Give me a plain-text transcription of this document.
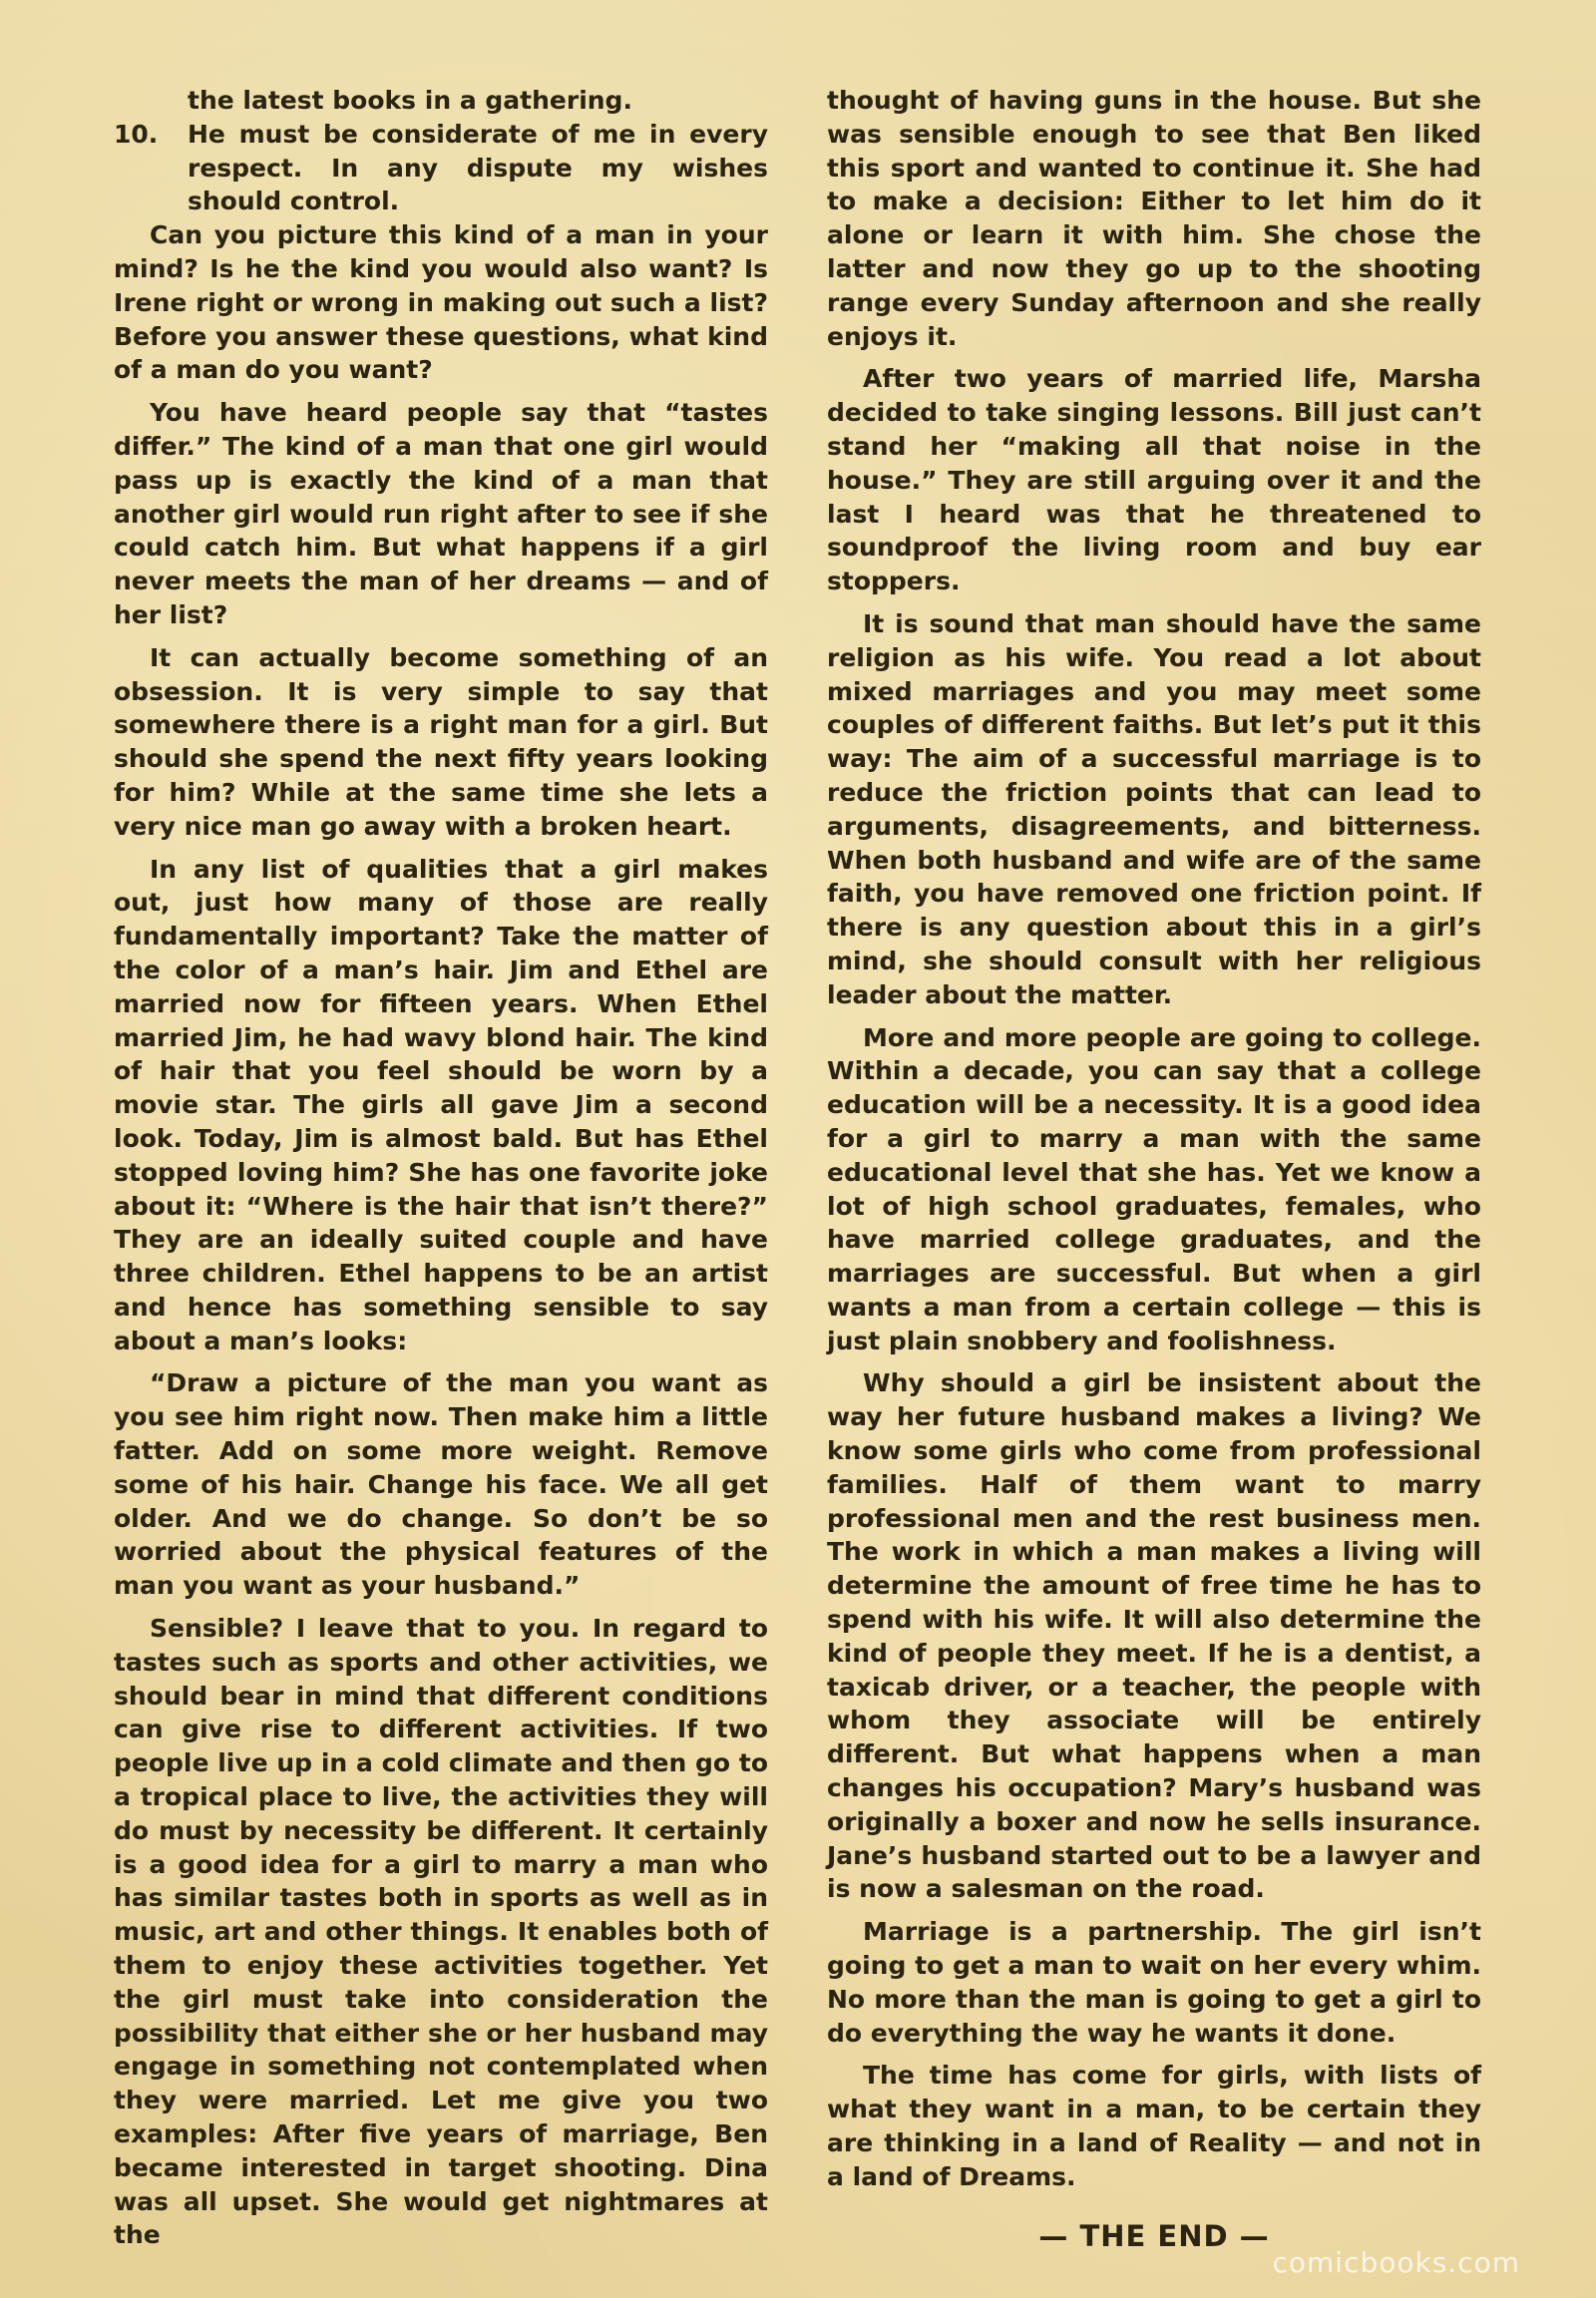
the latest books in a gathering.
10.	He must be considerate of me in every respect. In any dispute my wishes should control.

Can you picture this kind of a man in your mind? Is he the kind you would also want? Is Irene right or wrong in making out such a list? Before you answer these questions, what kind of a man do you want?

You have heard people say that “tastes differ.” The kind of a man that one girl would pass up is exactly the kind of a man that another girl would run right after to see if she could catch him. But what happens if a girl never meets the man of her dreams — and of her list?

It can actually become something of an obsession. It is very simple to say that somewhere there is a right man for a girl. But should she spend the next fifty years looking for him? While at the same time she lets a very nice man go away with a broken heart.

In any list of qualities that a girl makes out, just how many of those are really fundamentally important? Take the matter of the color of a man’s hair. Jim and Ethel are married now for fifteen years. When Ethel married Jim, he had wavy blond hair. The kind of hair that you feel should be worn by a movie star. The girls all gave Jim a second look. Today, Jim is almost bald. But has Ethel stopped loving him? She has one favorite joke about it: “Where is the hair that isn’t there?” They are an ideally suited couple and have three children. Ethel happens to be an artist and hence has something sensible to say about a man’s looks:

“Draw a picture of the man you want as you see him right now. Then make him a little fatter. Add on some more weight. Remove some of his hair. Change his face. We all get older. And we do change. So don’t be so worried about the physical features of the man you want as your husband.”

Sensible? I leave that to you. In regard to tastes such as sports and other activities, we should bear in mind that different conditions can give rise to different activities. If two people live up in a cold climate and then go to a tropical place to live, the activities they will do must by necessity be different. It certainly is a good idea for a girl to marry a man who has similar tastes both in sports as well as in music, art and other things. It enables both of them to enjoy these activities together. Yet the girl must take into consideration the possibility that either she or her husband may engage in something not contemplated when they were married. Let me give you two examples: After five years of marriage, Ben became interested in target shooting. Dina was all upset. She would get nightmares at the

thought of having guns in the house. But she was sensible enough to see that Ben liked this sport and wanted to continue it. She had to make a decision: Either to let him do it alone or learn it with him. She chose the latter and now they go up to the shooting range every Sunday afternoon and she really enjoys it.

After two years of married life, Marsha decided to take singing lessons. Bill just can’t stand her “making all that noise in the house.” They are still arguing over it and the last I heard was that he threatened to soundproof the living room and buy ear stoppers.

It is sound that man should have the same religion as his wife. You read a lot about mixed marriages and you may meet some couples of different faiths. But let’s put it this way: The aim of a successful marriage is to reduce the friction points that can lead to arguments, disagreements, and bitterness. When both husband and wife are of the same faith, you have removed one friction point. If there is any question about this in a girl’s mind, she should consult with her religious leader about the matter.

More and more people are going to college. Within a decade, you can say that a college education will be a necessity. It is a good idea for a girl to marry a man with the same educational level that she has. Yet we know a lot of high school graduates, females, who have married college graduates, and the marriages are successful. But when a girl wants a man from a certain college — this is just plain snobbery and foolishness.

Why should a girl be insistent about the way her future husband makes a living? We know some girls who come from professional families. Half of them want to marry professional men and the rest business men. The work in which a man makes a living will determine the amount of free time he has to spend with his wife. It will also determine the kind of people they meet. If he is a dentist, a taxicab driver, or a teacher, the people with whom they associate will be entirely different. But what happens when a man changes his occupation? Mary’s husband was originally a boxer and now he sells insurance. Jane’s husband started out to be a lawyer and is now a salesman on the road.

Marriage is a partnership. The girl isn’t going to get a man to wait on her every whim. No more than the man is going to get a girl to do everything the way he wants it done.

The time has come for girls, with lists of what they want in a man, to be certain they are thinking in a land of Reality — and not in a land of Dreams.

— THE END —
comicbooks.com
